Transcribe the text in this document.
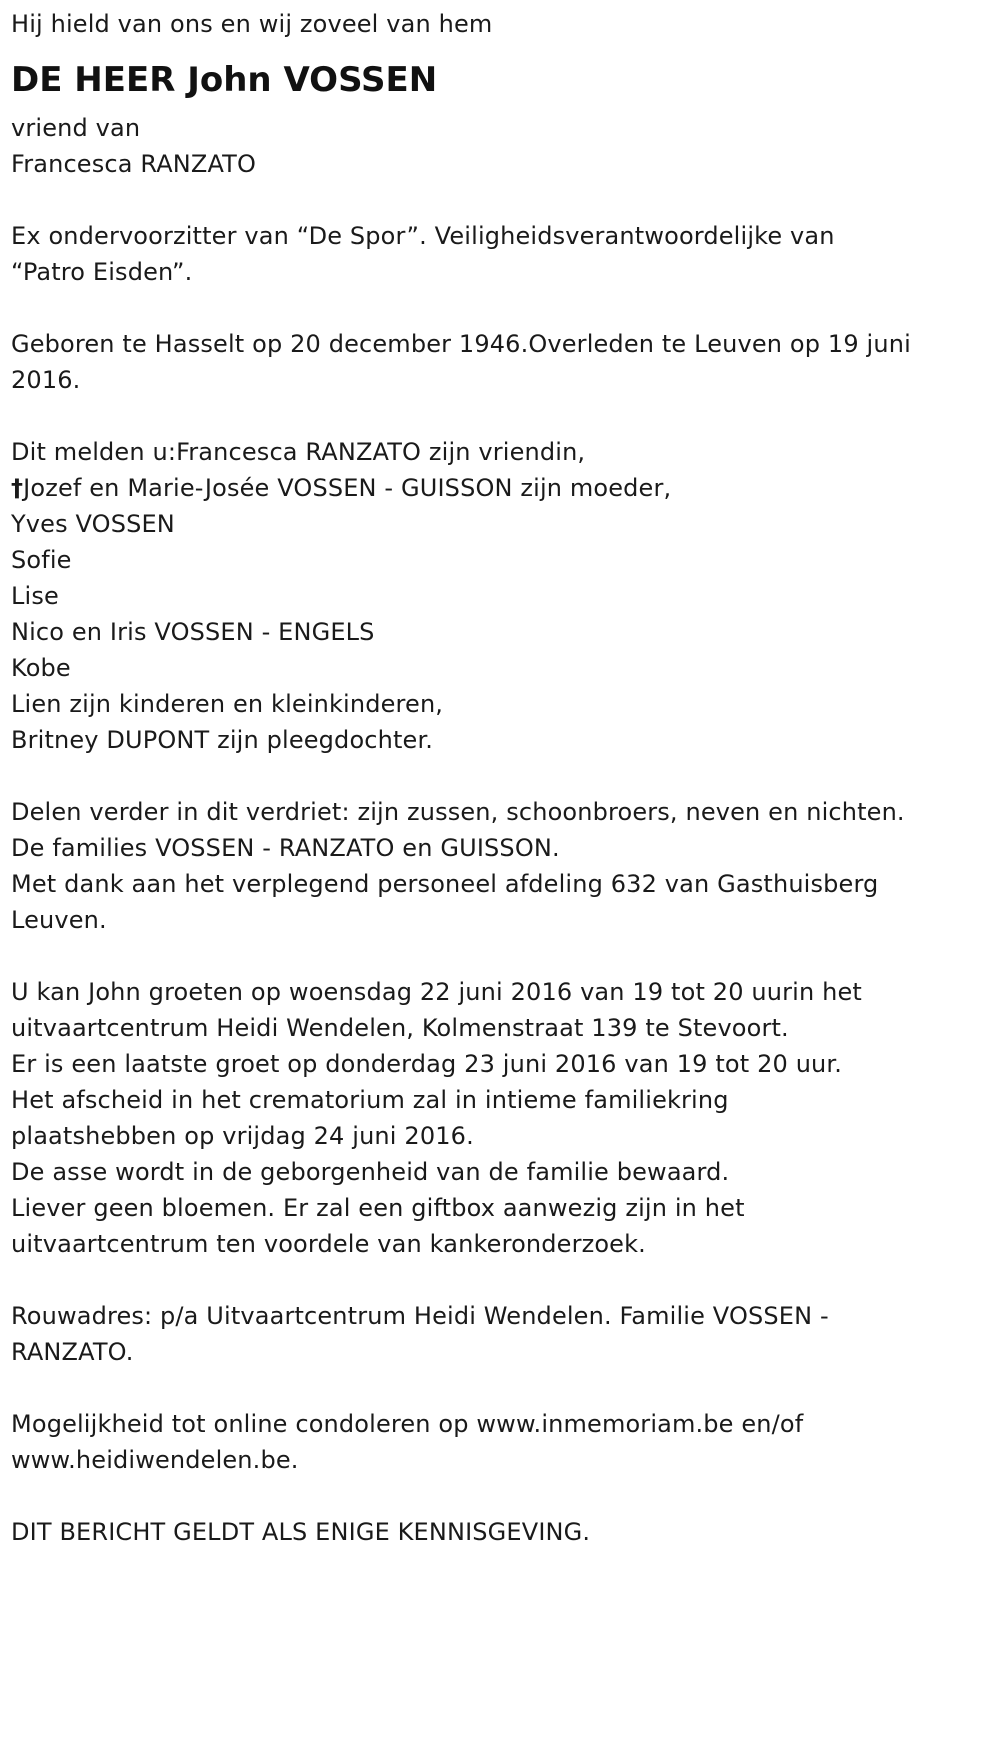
Hij hield van ons en wij zoveel van hem
DE HEER John VOSSEN
vriend van
Francesca RANZATO
Ex ondervoorzitter van “De Spor”. Veiligheidsverantwoordelijke van
“Patro Eisden”.
Geboren te Hasselt op 20 december 1946.Overleden te Leuven op 19 juni
2016.
Dit melden u:Francesca RANZATO zijn vriendin,
†Jozef en Marie-Josée VOSSEN - GUISSON zijn moeder,
Yves VOSSEN
Sofie
Lise
Nico en Iris VOSSEN - ENGELS
Kobe
Lien zijn kinderen en kleinkinderen,
Britney DUPONT zijn pleegdochter.
Delen verder in dit verdriet: zijn zussen, schoonbroers, neven en nichten.
De families VOSSEN - RANZATO en GUISSON.
Met dank aan het verplegend personeel afdeling 632 van Gasthuisberg
Leuven.
U kan John groeten op woensdag 22 juni 2016 van 19 tot 20 uurin het
uitvaartcentrum Heidi Wendelen, Kolmenstraat 139 te Stevoort.
Er is een laatste groet op donderdag 23 juni 2016 van 19 tot 20 uur.
Het afscheid in het crematorium zal in intieme familiekring
plaatshebben op vrijdag 24 juni 2016.
De asse wordt in de geborgenheid van de familie bewaard.
Liever geen bloemen. Er zal een giftbox aanwezig zijn in het
uitvaartcentrum ten voordele van kankeronderzoek.
Rouwadres: p/a Uitvaartcentrum Heidi Wendelen. Familie VOSSEN -
RANZATO.
Mogelijkheid tot online condoleren op www.inmemoriam.be en/of
www.heidiwendelen.be.
DIT BERICHT GELDT ALS ENIGE KENNISGEVING.
